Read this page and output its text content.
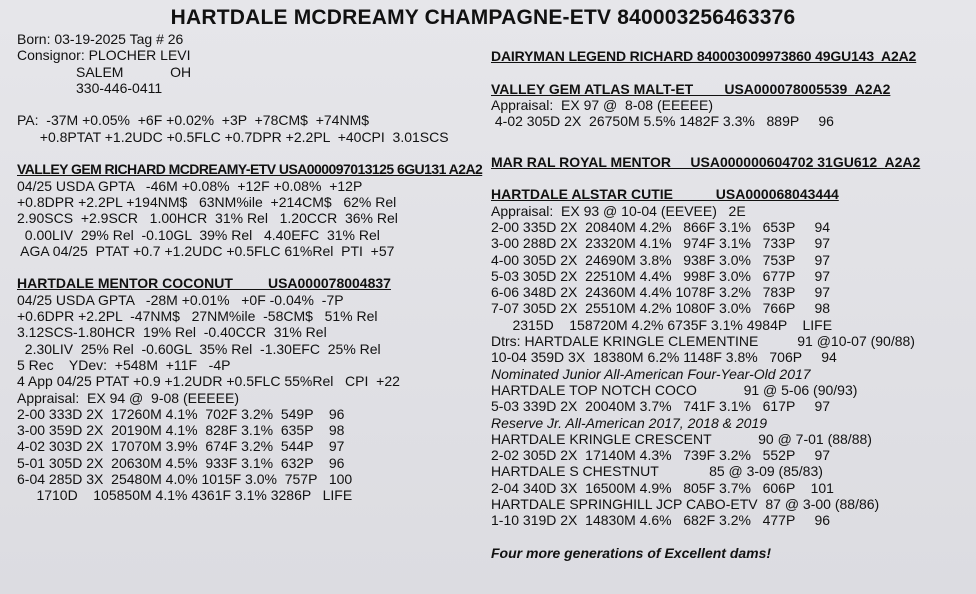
HARTDALE MCDREAMY CHAMPAGNE-ETV 840003256463376
Born: 03-19-2025 Tag # 26
Consignor: PLOCHER LEVI
SALEM            OH
330-446-0411
PA:  -37M +0.05%  +6F +0.02%  +3P  +78CM$  +74NM$
+0.8PTAT +1.2UDC +0.5FLC +0.7DPR +2.2PL  +40CPI  3.01SCS
VALLEY GEM RICHARD MCDREAMY-ETV USA000097013125 6GU131 A2A2
04/25 USDA GPTA   -46M +0.08%  +12F +0.08%  +12P
+0.8DPR +2.2PL +194NM$   63NM%ile  +214CM$   62% Rel
2.90SCS  +2.9SCR   1.00HCR  31% Rel   1.20CCR  36% Rel
0.00LIV  29% Rel  -0.10GL  39% Rel   4.40EFC  31% Rel
AGA 04/25  PTAT +0.7 +1.2UDC +0.5FLC 61%Rel  PTI  +57
HARTDALE MENTOR COCONUT         USA000078004837
04/25 USDA GPTA   -28M +0.01%   +0F -0.04%  -7P
+0.6DPR +2.2PL  -47NM$   27NM%ile  -58CM$   51% Rel
3.12SCS-1.80HCR  19% Rel  -0.40CCR  31% Rel
2.30LIV  25% Rel  -0.60GL  35% Rel  -1.30EFC  25% Rel
5 Rec    YDev:  +548M  +11F   -4P
4 App 04/25 PTAT +0.9 +1.2UDR +0.5FLC 55%Rel   CPI  +22
Appraisal:  EX 94 @  9-08 (EEEEE)
2-00 333D 2X  17260M 4.1%  702F 3.2%  549P    96
3-00 359D 2X  20190M 4.1%  828F 3.1%  635P    98
4-02 303D 2X  17070M 3.9%  674F 3.2%  544P    97
5-01 305D 2X  20630M 4.5%  933F 3.1%  632P    96
6-04 285D 3X  25480M 4.0% 1015F 3.0%  757P   100
1710D    105850M 4.1% 4361F 3.1% 3286P   LIFE
DAIRYMAN LEGEND RICHARD 840003009973860 49GU143  A2A2
VALLEY GEM ATLAS MALT-ET        USA000078005539  A2A2
Appraisal:  EX 97 @  8-08 (EEEEE)
4-02 305D 2X  26750M 5.5% 1482F 3.3%   889P     96
MAR RAL ROYAL MENTOR     USA000000604702 31GU612  A2A2
HARTDALE ALSTAR CUTIE           USA000068043444
Appraisal:  EX 93 @ 10-04 (EEVEE)   2E
2-00 335D 2X  20840M 4.2%   866F 3.1%   653P     94
3-00 288D 2X  23320M 4.1%   974F 3.1%   733P     97
4-00 305D 2X  24690M 3.8%   938F 3.0%   753P     97
5-03 305D 2X  22510M 4.4%   998F 3.0%   677P     97
6-06 348D 2X  24360M 4.4% 1078F 3.2%   783P     97
7-07 305D 2X  25510M 4.2% 1080F 3.0%   766P     98
2315D    158720M 4.2% 6735F 3.1% 4984P    LIFE
Dtrs: HARTDALE KRINGLE CLEMENTINE          91 @10-07 (90/88)
10-04 359D 3X  18380M 6.2% 1148F 3.8%   706P     94
Nominated Junior All-American Four-Year-Old 2017
HARTDALE TOP NOTCH COCO            91 @ 5-06 (90/93)
5-03 339D 2X  20040M 3.7%   741F 3.1%   617P     97
Reserve Jr. All-American 2017, 2018 & 2019
HARTDALE KRINGLE CRESCENT            90 @ 7-01 (88/88)
2-02 305D 2X  17140M 4.3%   739F 3.2%   552P     97
HARTDALE S CHESTNUT             85 @ 3-09 (85/83)
2-04 340D 3X  16500M 4.9%   805F 3.7%   606P    101
HARTDALE SPRINGHILL JCP CABO-ETV  87 @ 3-00 (88/86)
1-10 319D 2X  14830M 4.6%   682F 3.2%   477P     96
Four more generations of Excellent dams!
